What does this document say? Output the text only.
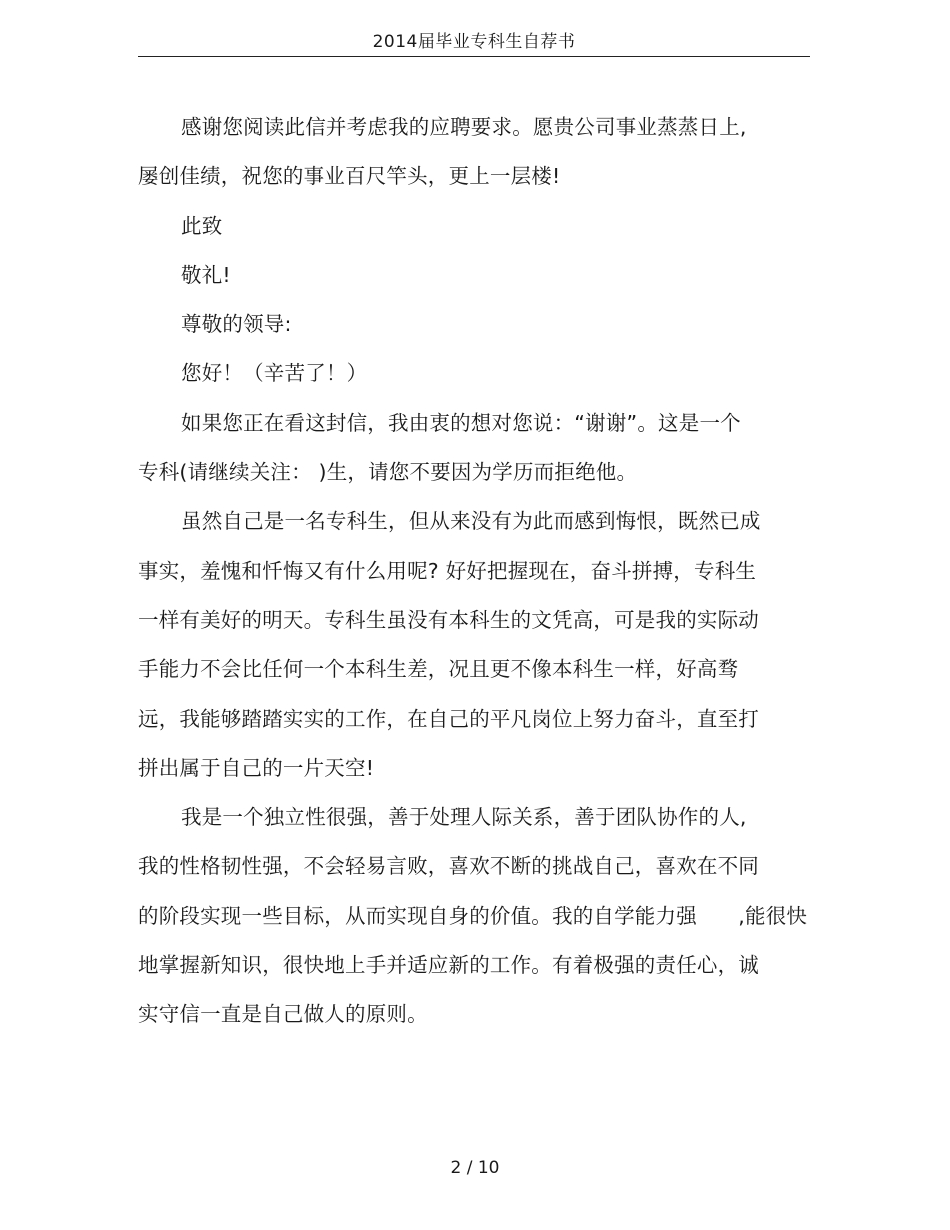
2014届毕业专科生自荐书
感谢您阅读此信并考虑我的应聘要求。愿贵公司事业蒸蒸日上,
屡创佳绩，祝您的事业百尺竿头，更上一层楼!
此致
敬礼!
尊敬的领导:
您好！（辛苦了！）
如果您正在看这封信，我由衷的想对您说：“谢谢”。这是一个
专科(请继续关注： )生，请您不要因为学历而拒绝他。
虽然自己是一名专科生，但从来没有为此而感到悔恨，既然已成
事实，羞愧和忏悔又有什么用呢? 好好把握现在，奋斗拼搏，专科生
一样有美好的明天。专科生虽没有本科生的文凭高，可是我的实际动
手能力不会比任何一个本科生差，况且更不像本科生一样，好高骛
远，我能够踏踏实实的工作，在自己的平凡岗位上努力奋斗，直至打
拼出属于自己的一片天空!
我是一个独立性很强，善于处理人际关系，善于团队协作的人,
我的性格韧性强，不会轻易言败，喜欢不断的挑战自己，喜欢在不同
的阶段实现一些目标，从而实现自身的价值。我的自学能力强　　,能很快
地掌握新知识，很快地上手并适应新的工作。有着极强的责任心，诚
实守信一直是自己做人的原则。
2 / 10
